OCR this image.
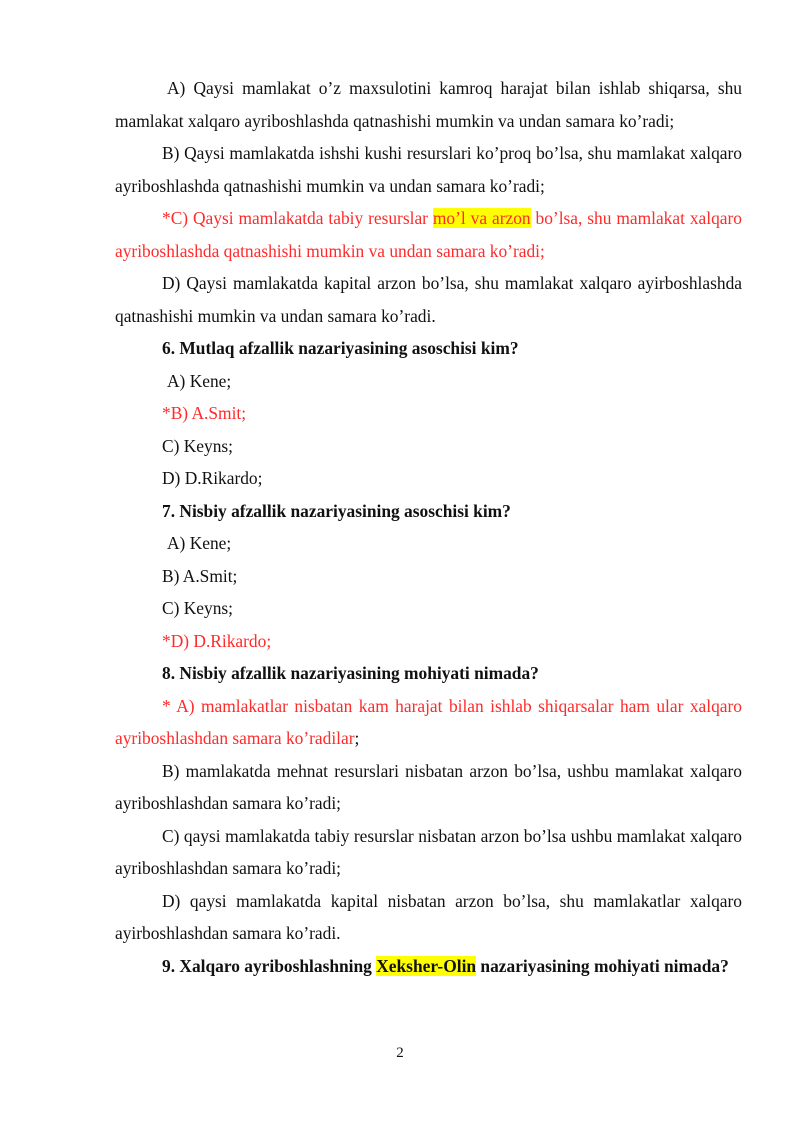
A) Qaysi mamlakat o’z maxsulotini kamroq harajat bilan ishlab shiqarsa, shu mamlakat xalqaro ayriboshlashda qatnashishi mumkin va undan samara ko’radi;

B) Qaysi mamlakatda ishshi kushi resurslari ko’proq bo’lsa, shu mamlakat xalqaro ayriboshlashda qatnashishi mumkin va undan samara ko’radi;

*C) Qaysi mamlakatda tabiy resurslar mo’l va arzon bo’lsa, shu mamlakat xalqaro ayriboshlashda qatnashishi mumkin va undan samara ko’radi;

D) Qaysi mamlakatda kapital arzon bo’lsa, shu mamlakat xalqaro ayirboshlashda qatnashishi mumkin va undan samara ko’radi.

6. Mutlaq afzallik nazariyasining asoschisi kim?

A) Kene;

*B) A.Smit;

C) Keyns;

D) D.Rikardo;

7. Nisbiy afzallik nazariyasining asoschisi kim?

A) Kene;

B) A.Smit;

C) Keyns;

*D) D.Rikardo;

8. Nisbiy afzallik nazariyasining mohiyati nimada?

* A) mamlakatlar nisbatan kam harajat bilan ishlab shiqarsalar ham ular xalqaro ayriboshlashdan samara ko’radilar;

B) mamlakatda mehnat resurslari nisbatan arzon bo’lsa, ushbu mamlakat xalqaro ayriboshlashdan samara ko’radi;

C) qaysi mamlakatda tabiy resurslar nisbatan arzon bo’lsa ushbu mamlakat xalqaro ayriboshlashdan samara ko’radi;

D) qaysi mamlakatda kapital nisbatan arzon bo’lsa, shu mamlakatlar xalqaro ayirboshlashdan samara ko’radi.

9. Xalqaro ayriboshlashning Xeksher-Olin nazariyasining mohiyati nimada?

2
